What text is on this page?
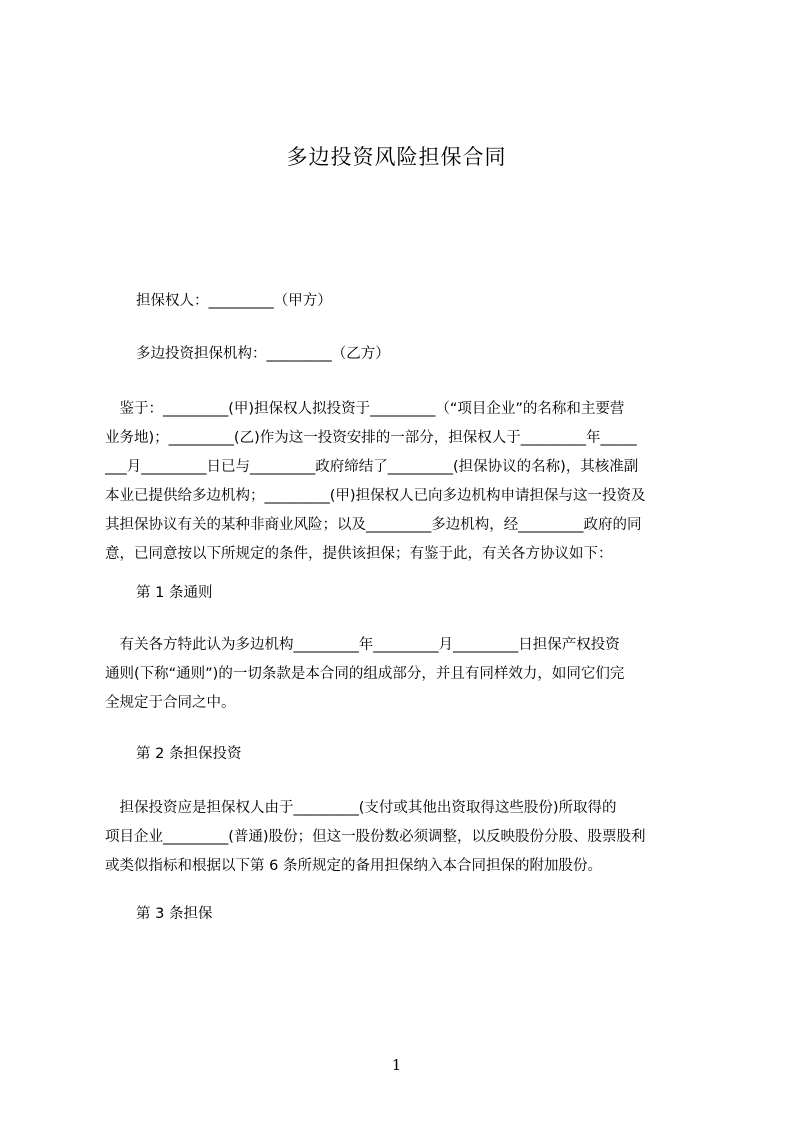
多边投资风险担保合同
担保权人：_________（甲方）
多边投资担保机构：_________（乙方）
　鉴于：_________(甲)担保权人拟投资于_________（“项目企业”的名称和主要营
业务地)；_________(乙)作为这一投资安排的一部分，担保权人于_________年_____
___月_________日已与_________政府缔结了_________(担保协议的名称)，其核准副
本业已提供给多边机构；_________(甲)担保权人已向多边机构申请担保与这一投资及
其担保协议有关的某种非商业风险；以及_________多边机构，经_________政府的同
意，已同意按以下所规定的条件，提供该担保；有鉴于此，有关各方协议如下：
第 1 条通则
　有关各方特此认为多边机构_________年_________月_________日担保产权投资
通则(下称“通则”)的一切条款是本合同的组成部分，并且有同样效力，如同它们完
全规定于合同之中。
第 2 条担保投资
　担保投资应是担保权人由于_________(支付或其他出资取得这些股份)所取得的
项目企业_________(普通)股份；但这一股份数必须调整，以反映股份分股、股票股利
或类似指标和根据以下第 6 条所规定的备用担保纳入本合同担保的附加股份。
第 3 条担保
1
